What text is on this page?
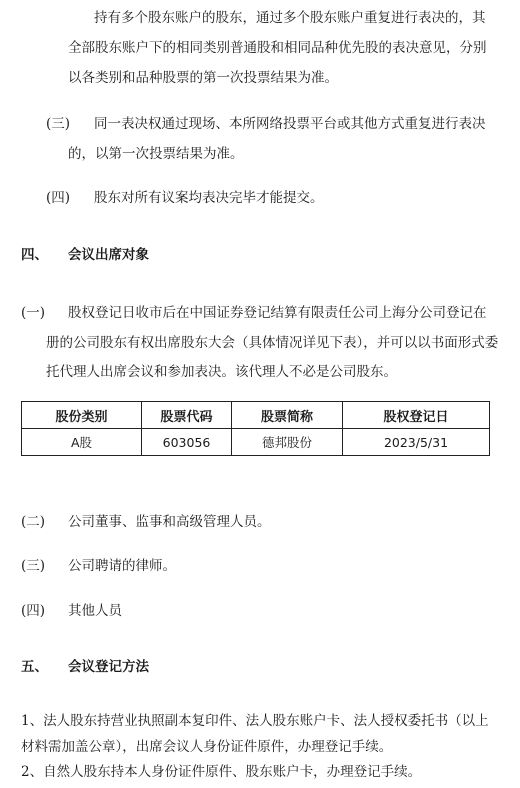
持有多个股东账户的股东，通过多个股东账户重复进行表决的，其
全部股东账户下的相同类别普通股和相同品种优先股的表决意见，分别
以各类别和品种股票的第一次投票结果为准。
(三) 同一表决权通过现场、本所网络投票平台或其他方式重复进行表决
的，以第一次投票结果为准。
(四) 股东对所有议案均表决完毕才能提交。
四、 会议出席对象
(一) 股权登记日收市后在中国证券登记结算有限责任公司上海分公司登记在
册的公司股东有权出席股东大会（具体情况详见下表），并可以以书面形式委
托代理人出席会议和参加表决。该代理人不必是公司股东。
股份类别	股票代码	股票简称	股权登记日
A股	603056	德邦股份	2023/5/31
(二) 公司董事、监事和高级管理人员。
(三) 公司聘请的律师。
(四) 其他人员
五、 会议登记方法
1、法人股东持营业执照副本复印件、法人股东账户卡、法人授权委托书（以上
材料需加盖公章），出席会议人身份证件原件，办理登记手续。
2、自然人股东持本人身份证件原件、股东账户卡，办理登记手续。
